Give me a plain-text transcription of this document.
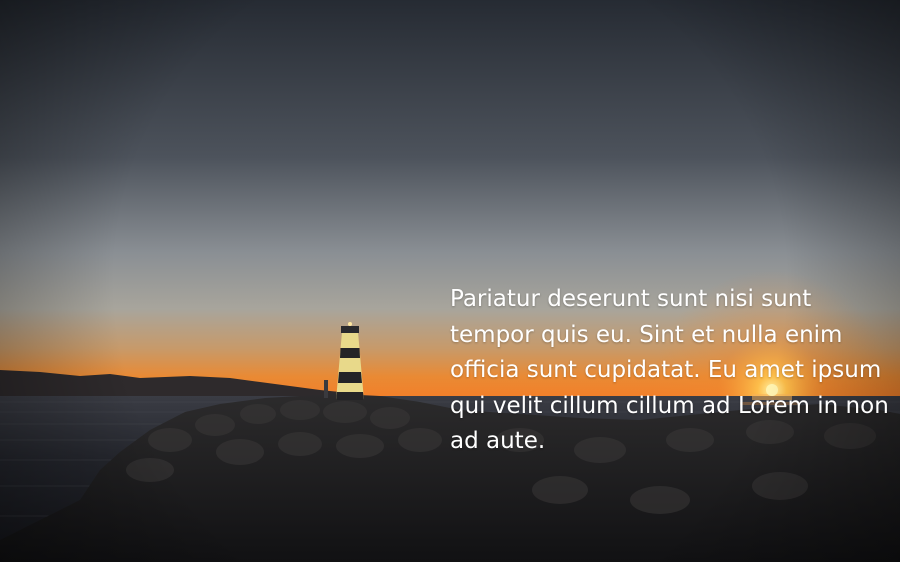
Pariatur deserunt sunt nisi sunt tempor quis eu. Sint et nulla enim officia sunt cupidatat. Eu amet ipsum qui velit cillum cillum ad Lorem in non ad aute.
